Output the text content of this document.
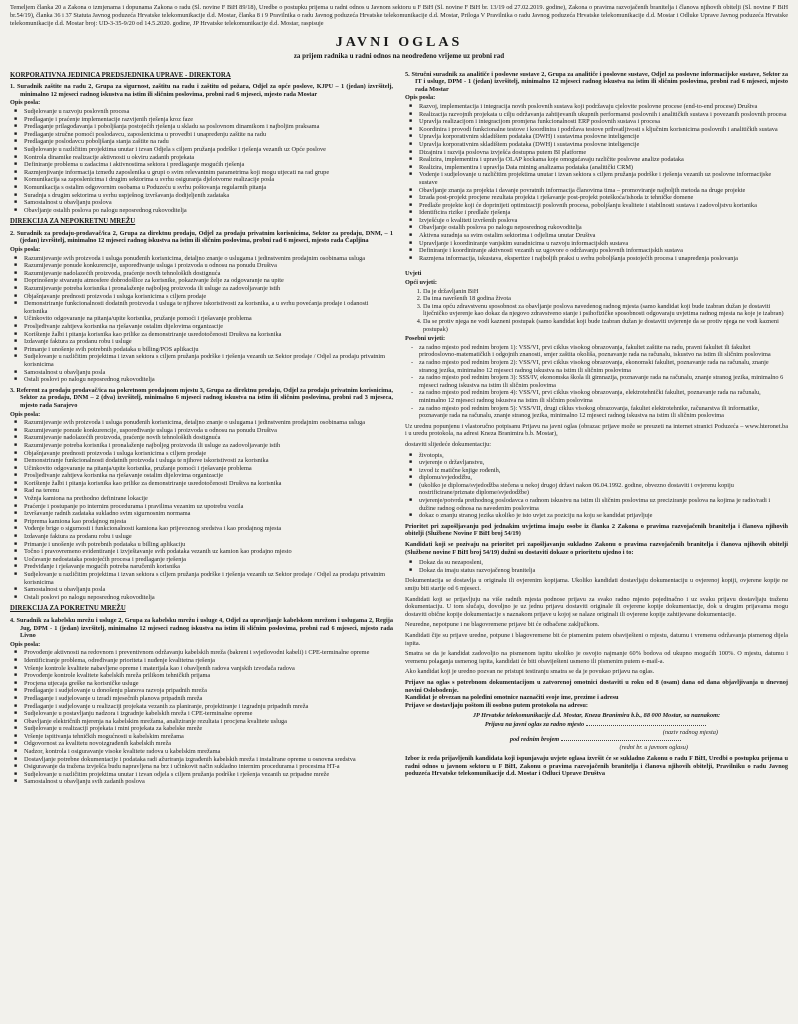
Temeljem članka 20 a Zakona o izmjenama i dopunama Zakona o radu (Sl. novine F BiH 89/18), Uredbe o postupku prijema u radni odnos u Javnom sektoru u F BiH (Sl. novine F BiH br. 13/19 od 27.02.2019. godine), Zakona o pravima razvojačenih branitelja i članova njihovih obitelji (Sl. novine F BiH br.54/19), članka 36 i 37 Statuta Javnog poduzeća Hrvatske telekomunikacije d.d. Mostar, članka 8 i 9 Pravilnika o radu Javnog poduzeća Hrvatske telekomunikacije d.d. Mostar, Priloga V Pravilnika o radu Javnog poduzeća Hrvatske telekomunikacije d.d. Mostar i Odluke Uprave Javnog poduzeća Hrvatske telekomunikacije d.d. Mostar broj: UD-3-35-9/20 od 14.5.2020. godine, JP Hrvatske telekomunikacije d.d. Mostar, raspisuje

JAVNI OGLAS
za prijem radnika u radni odnos na neodređeno vrijeme uz probni rad
KORPORATIVNA JEDINICA PREDSJEDNIKA UPRAVE - DIREKTORA
1. Suradnik zaštite na radu 2, Grupa za sigurnost, zaštitu na radu i zaštitu od požara, Odjel za opće poslove, KJPU – 1 (jedan) izvršitelj, minimalno 12 mjeseci radnog iskustva na istim ili sličnim poslovima, probni rad 6 mjeseci, mjesto rada Mostar
Opis posla:
■ Sudjelovanje u razvoju poslovnih procesa
■ Predlaganje i praćenje implementacije razvijenih rješenja kroz faze
■ Predlaganje prilagođavanja i poboljšanja postojećih rješenja u skladu sa poslovnom dinamikom i najboljim praksama
■ Predlaganje stručne pomoći poslodavcu, zaposlenicima u provedbi i unapređenju zaštite na radu
■ Predlaganje poslodavcu poboljšanja stanja zaštite na radu
■ Sudjelovanje u različitim projektima unutar i izvan Odjela s ciljem pružanja podrške i rješenja vezanih uz Opće poslove
■ Kontrola dinamike realizacije aktivnosti u okviru zadanih projekata
■ Definiranje problema u zadacima i aktivnostima sektora i predlaganje mogućih rješenja
■ Razmjenjivanje informacija između zaposlenika u grupi o svim relevantnim parametrima koji mogu utjecati na rad grupe
■ Komunikacija sa zaposlenicima i drugim sektorima u svrhu osiguranja djelotvorne realizacije posla
■ Komunikacija s ostalim odgovornim osobama u Poduzeću u svrhu poštovanja regularnih pitanja
■ Suradnja s drugim sektorima u svrhu uspješnog izvršavanja dodijeljenih zadataka
■ Samostalnost u obavljanju poslova
■ Obavljanje ostalih poslova po nalogu neposrednog rukovoditelja
DIREKCIJA ZA NEPOKRETNU MREŽU
2. Suradnik za prodaju-prodavač/ica 2, Grupa za direktnu prodaju, Odjel za prodaju privatnim korisnicima, Sektor za prodaju, DNM, – 1 (jedan) izvršitelj, minimalno 12 mjeseci radnog iskustva na istim ili sličnim poslovima, probni rad 6 mjeseci, mjesto rada Čapljina
Opis posla:
■ Razumijevanje svih proizvoda i usluga ponuđenih korisnicima, detaljno znanje o uslugama i jedinstvenim prodajnim osobinama usluga
■ Razumijevanje ponude konkurencije, uspoređivanje usluga i proizvoda u odnosu na ponudu Društva
■ Razumijevanje nadolazećih proizvoda, praćenje novih tehnoloških dostignuća
■ Doprinošenje stvaranju atmosfere dobrodošlice za korisnike, pokazivanje želje za odgovaranje na upite
■ Razumijevanje potreba korisnika i pronalaženje najboljeg proizvoda ili usluge za zadovoljavanje istih
■ Objašnjavanje prednosti proizvoda i usluga korisnicima s ciljem prodaje
■ Demonstriranje funkcionalnosti dodatnih proizvoda i usluga te njihove iskoristivosti za korisnika, a u svrhu povećanja prodaje i odanosti korisnika
■ Učinkovito odgovaranje na pitanja/upite korisnika, pružanje pomoći i rješavanje problema
■ Prosljeđivanje zahtjeva korisnika na rješavanje ostalim dijelovima organizacije
■ Korištenje žalbi i pitanja korisnika kao prilike za demonstriranje usredotočenosti Društva na korisnika
■ Izdavanje faktura za prodanu robu i usluge
■ Primanje i unošenje svih potrebnih podataka u billing/POS aplikaciju
■ Sudjelovanje u različitim projektima i izvan sektora s ciljem pružanja podrške i rješenja vezanih uz Sektor prodaje / Odjel za prodaju privatnim korisnicima
■ Samostalnost u obavljanju posla
■ Ostali poslovi po nalogu neposrednog rukovoditelja
3. Referent za prodaju prodavač/ica na pokretnom prodajnom mjestu 3, Grupa za direktnu prodaju, Odjel za prodaju privatnim korisnicima, Sektor za prodaju, DNM – 2 (dva) izvršitelj, minimalno 6 mjeseci radnog iskustva na istim ili sličnim poslovima, probni rad 3 mjeseca, mjesto rada Sarajevo
Opis posla:
■ Razumijevanje svih proizvoda i usluga ponuđenih korisnicima, detaljno znanje o uslugama i jedinstvenim prodajnim osobinama usluga
■ Razumijevanje ponude konkurencije, uspoređivanje usluga i proizvoda u odnosu na ponudu Društva
■ Razumijevanje nadolazećih proizvoda, praćenje novih tehnoloških dostignuća
■ Razumijevanje potreba korisnika i pronalaženje najboljeg proizvoda ili usluge za zadovoljavanje istih
■ Objašnjavanje prednosti proizvoda i usluga korisnicima s ciljem prodaje
■ Demonstriranje funkcionalnosti dodatnih proizvoda i usluga te njihove iskoristivosti za korisnika
■ Učinkovito odgovaranje na pitanja/upite korisnika, pružanje pomoći i rješavanje problema
■ Prosljeđivanje zahtjeva korisnika na rješavanje ostalim dijelovima organizacije
■ Korištenje žalbi i pitanja korisnika kao prilike za demonstriranje usredotočenosti Društva na korisnika
■ Rad na terenu
■ Vožnja kamiona na prethodno definirane lokacije
■ Praćenje i postupanje po internim procedurama i pravilima vezanim uz upotrebu vozila
■ Izvršavanje radnih zadataka sukladno svim sigurnosnim normama
■ Priprema kamiona kao prodajnog mjesta
■ Vođenje brige o sigurnosti i funkcionalnosti kamiona kao prijevoznog sredstva i kao prodajnog mjesta
■ Izdavanje faktura za prodanu robu i usluge
■ Primanje i unošenje svih potrebnih podataka u billing aplikaciju
■ Točno i pravovremeno evidentiranje i izvještavanje svih podataka vezanih uz kamion kao prodajno mjesto
■ Uočavanje nedostataka postojećih procesa i predlaganje rješenja
■ Predviđanje i rješavanje mogućih potreba naručenih korisnika
■ Sudjelovanje u različitim projektima i izvan sektora s ciljem pružanja podrške i rješenja vezanih uz Sektor prodaje / Odjel za prodaju privatnim korisnicima
■ Samostalnost u obavljanju posla
■ Ostali poslovi po nalogu neposrednog rukovoditelja
DIREKCIJA ZA POKRETNU MREŽU
4. Suradnik za kabelsku mrežu i usluge 2, Grupa za kabelsku mrežu i usluge 4, Odjel za upravljanje kabelskom mrežom i uslugama 2, Regija Jug, DPM - 1 (jedan) izvršitelj, minimalno 12 mjeseci radnog iskustva na istim ili sličnim poslovima, probni rad 6 mjeseci, mjesto rada Livno
Opis posla:
■ Provođenje aktivnosti na redovnom i preventivnom održavanju kabelskih mreža (bakreni i svjetlovodni kabeli) i CPE-terminalne opreme
■ Identificiranje problema, određivanje prioriteta i nuđenje kvalitetna rješenja
■ Vršenje kontrole kvalitete nabavljene opreme i materijala kao i obavljenih radova vanjskih izvođača radova
■ Provođenje kontrole kvalitete kabelskih mreža prilikom tehničkih prijama
■ Procjena utjecaja greške na korisničke usluge
■ Predlaganje i sudjelovanje u donošenju planova razvoja pripadnih mreža
■ Predlaganje i sudjelovanje u izradi mjesečnih planova pripadnih mreža
■ Predlaganje i sudjelovanje u realizaciji projekata vezanih za planiranje, projektiranje i izgradnju pripadnih mreža
■ Sudjelovanje u postavljanju nadzora i izgradnje kabelskih mreža i CPE-terminalne opreme
■ Obavljanje električnih mjerenja na kabelskim mrežama, analiziranje rezultata i procjena kvalitete usluga
■ Sudjelovanje u realizaciji projekata i mini projekata za kabelske mreže
■ Vršenje ispitivanja tehničkih mogućnosti u kabelskim mrežama
■ Odgovornost za kvalitetu novoizgrađenih kabelskih mreža
■ Nadzor, kontrola i osiguravanje visoke kvalitete radova u kabelskim mrežama
■ Dostavljanje potrebne dokumentacije i podataka radi ažuriranja izgrađenih kabelskih mreža i instalirane opreme u osnovna sredstva
■ Osiguravanje da tražena izvješća budu napravljena na brz i učinkovit način sukladno internim procedurama i procesima HT-a
■ Sudjelovanje u različitim projektima unutar i izvan odjela s ciljem pružanja podrške i rješenja vezanih uz pripadne mreže
■ Samostalnost u obavljanju svih zadanih poslova
5. Stručni suradnik za analitiče i poslovne sustave 2, Grupa za analitiče i poslovne sustave, Odjel za poslovne informacijske sustave, Sektor za IT i usluge, DPM - 1 (jedan) izvršitelj, minimalno 12 mjeseci radnog iskustva na istim ili sličnim poslovima, probni rad 6 mjeseci, mjesto rada Mostar
Opis posla:
■ Razvoj, implementacija i integracija novih poslovnih sustava koji podržavaju cjelovite poslovne procese (end-to-end procese) Društva
■ Realizacija razvojnih projekata u cilju održavanja zahtijevanih ukupnih performansi poslovnih i analitičkih sustava i povezanih poslovnih procesa
■ Upravlja realizacijom i integracijom promjena funkcionalnosti ERP poslovnih sustava i procesa
■ Koordinira i provodi funkcionalne testove i koordinira i podržava testove prihvatljivosti s ključnim korisnicima poslovnih i analitičkih sustava
■ Upravlja korporativnim skladištem podataka (DWH) i sustavima poslovne inteligencije
■ Upravlja korporativnim skladištem podataka (DWH) i sustavima poslovne inteligencije
■ Dizajnira i razvija poslovna izvješća dostupna putem BI platforme
■ Realizira, implementira i upravlja OLAP kockama koje omogućavaju različite poslovne analize podataka
■ Realizira, implementira i upravlja Data mining analizama podataka (analitički CRM)
■ Vodenje i sudjelovanje u različitim projektima unutar i izvan sektora s ciljem pružanja podrške i rješenja vezanih uz poslovne informacijske sustave
■ Obavljanje znanja za projekta i davanje povratnih informacija članovima tima – promoviranje najboljih metoda na druge projekte
■ Izrada post-projekt procjene rezultata projekta i rješavanje post-projekt poteškoća/ishoda iz tehničke domene
■ Predlaže projekte koji će doprinijeti optimizaciji poslovnih procesa, poboljšanju kvalitete i stabilnosti sustava i zadovoljstvu korisnika
■ Identificira rizike i predlaže rješenja
■ Izvješćuje o kvaliteti izvršenih poslova
■ Obavljanje ostalih poslova po nalogu neposrednog rukovoditelja
■ Aktivna suradnja sa svim ostalim sektorima i odjelima unutar Društva
■ Upravljanje i koordiniranje vanjskim suradnicima u razvoju informacijskih sustava
■ Definiranje i koordiniranje aktivnosti vezanih uz ugovore o održavanju poslovnih informacijskih sustava
■ Razmjena informacija, iskustava, ekspertize i najboljih praksi u svrhu poboljšanja postojećih procesa i unapređenja poslovanja
Uvjeti
Opći uvjeti:
1. Da je državljanin BiH
2. Da ima navršenih 18 godina života
3. Da ima opću zdravstvenu sposobnost za obavljanje poslova navedenog radnog mjesta (samo kandidat koji bude izabran dužan je dostaviti liječničko uvjerenje kao dokaz da njegovo zdravstveno stanje i psihofizičke sposobnosti odgovaraju uvjetima radnog mjesta na koje je izabran)
4. Da se protiv njega ne vodi kazneni postupak (samo kandidat koji bude izabran dužan je dostaviti uvjerenje da se protiv njega ne vodi kazneni postupak)
Posebni uvjeti:
- za radno mjesto pod rednim brojem 1): VSS/VI, prvi ciklus visokog obrazovanja, fakultet zaštite na radu, pravni fakultet ili fakultet prirodoslovno-matematičkih i odgojnih znanosti, smjer zaštita okoliša, poznavanje rada na računalu, iskustvo na istim ili sličnim poslovima
- za radno mjesto pod rednim brojem 2): VSS/VI, prvi ciklus visokog obrazovanja, ekonomski fakultet, poznavanje rada na računalu, znanje stranog jezika, minimalno 12 mjeseci radnog iskustva na istim ili sličnim poslovima
- za radno mjesto pod rednim brojem 3): SSS/IV, ekonomska škola ili gimnazija, poznavanje rada na računalu, znanje stranog jezika, minimalno 6 mjeseci radnog iskustva na istim ili sličnim poslovima
- za radno mjesto pod rednim brojem 4): VSS/VI, prvi ciklus visokog obrazovanja, elektrotehnički fakultet, poznavanje rada na računalu, minimalno 12 mjeseci radnog iskustva na istim ili sličnim poslovima
- za radno mjesto pod rednim brojem 5): VSS/VII, drugi ciklus visokog obrazovanja, fakultet elektrotehnike, računarstva ili informatike, poznavanje rada na računalu, znanje stranog jezika, minimalno 12 mjeseci radnog iskustva na istim ili sličnim poslovima

Uz urednu popunjenu i vlastoručno potpisanu Prijavu na javni oglas (obrazac prijave može se preuzeti na internet stranici Poduzeća – www.hteronet.ba i u uredu protokola, na adresi Kneza Branimira b.b. Mostar),

dostaviti slijedeće dokumentaciju:

■ životopis,
■ uvjerenje o državljanstvu,
■ izvod iz matične knjige rođenih,
■ diplomu/svjedodžbu,
■ (ukoliko je diploma/svjedodžba stečena u nekoj drugoj državi nakon 06.04.1992. godine, obvezno dostaviti i ovjerenu kopiju nostrificirane/priznate diplome/svjedodžbe)
■ uvjerenje/potvrda prethodnog poslodavca o radnom iskustvu na istim ili sličnim poslovima uz preciziranje poslova na kojima je radio/radi i dužine radnog odnosa na navedenim poslovima
■ dokaz o znanju stranog jezika ukoliko je isto uvjet za poziciju na koju se kandidat prijavljuje

Prioritet pri zapošljavanju pod jednakim uvjetima imaju osobe iz članka 2 Zakona o pravima razvojačenih branitelja i članova njihovih obitelji (Službene Novine F BiH broj 54/19)

Kandidati koji se pozivaju na prioritet pri zapošljavanju sukladno Zakonu o pravima razvojačenih branitelja i članova njihovih obitelji (Službene novine F BiH broj 54/19) dužni su dostaviti dokaze o prioritetu ujedno i to:

■ Dokaz da su nezaposleni,
■ Dokaz da imaju status razvojačenog branitelja

Dokumentacija se dostavlja u originalu ili ovjerenim kopijama. Ukoliko kandidati dostavljaju dokumentaciju u ovjerenoj kopiji, ovjerene kopije ne smiju biti starije od 6 mjeseci.

Kandidati koji se prijavljuju na više radnih mjesta podnose prijavu za svako radno mjesto pojedinačno i uz svaku prijavu dostavljaju traženu dokumentaciju. U tom slučaju, dovoljno je uz jednu prijavu dostaviti originale ili ovjerene kopije dokumentacije, dok u drugim prijavama mogu dostaviti obične kopije dokumentacije s naznakom prijave u kojoj se nalaze originali ili ovjerene kopije zahtijevane dokumentacije.

Neuredne, nepotpune i ne blagovremene prijave bit će odbačene zaključkom.

Kandidati čije su prijave uredne, potpune i blagovremene bit će pismenim putem obaviješteni o mjestu, datumu i vremenu održavanja pismenog dijela ispita.

Smatra se da je kandidat zadovoljio na pismenom ispitu ukoliko je osvojio najmanje 60% bodova od ukupno mogućih 100%. O mjestu, datumu i vremenu polaganja usmenog ispita, kandidati će biti obaviješteni usmeno ili pismenim putem e-mail-a.

Ako kandidat koji je uredno pozvan ne pristupi testiranju smatra se da je povukao prijavu na oglas.

Prijave na oglas s potrebnom dokumentacijom u zatvorenoj omotnici dostaviti u roku od 8 (osam) dana od dana objavljivanja u dnevnoj novini Oslobođenje.

Kandidat je obvezan na poleđini omotnice naznačiti svoje ime, prezime i adresu

Prijave se dostavljaju poštom ili osobno putem protokola na adresu:

JP Hrvatske telekomunikacije d.d. Mostar, Kneza Branimira b.b., 88 000 Mostar, sa naznakom:

Prijava na javni oglas za radno mjesto
(naziv radnog mjesta)
pod rednim brojem
(redni br. u javnom oglasu)

Izbor iz reda prijavljenih kandidata koji ispunjavaju uvjete oglasa izvršit će se sukladno Zakonu o radu F BiH, Uredbi o postupku prijema u radni odnos u javnom sektoru u F BiH, Zakonu o pravima razvojačenih branitelja i članova njihovih obitelji, Pravilniku o radu Javnog poduzeća Hrvatske telekomunikacije d.d. Mostar i Odluci Uprave Društva
